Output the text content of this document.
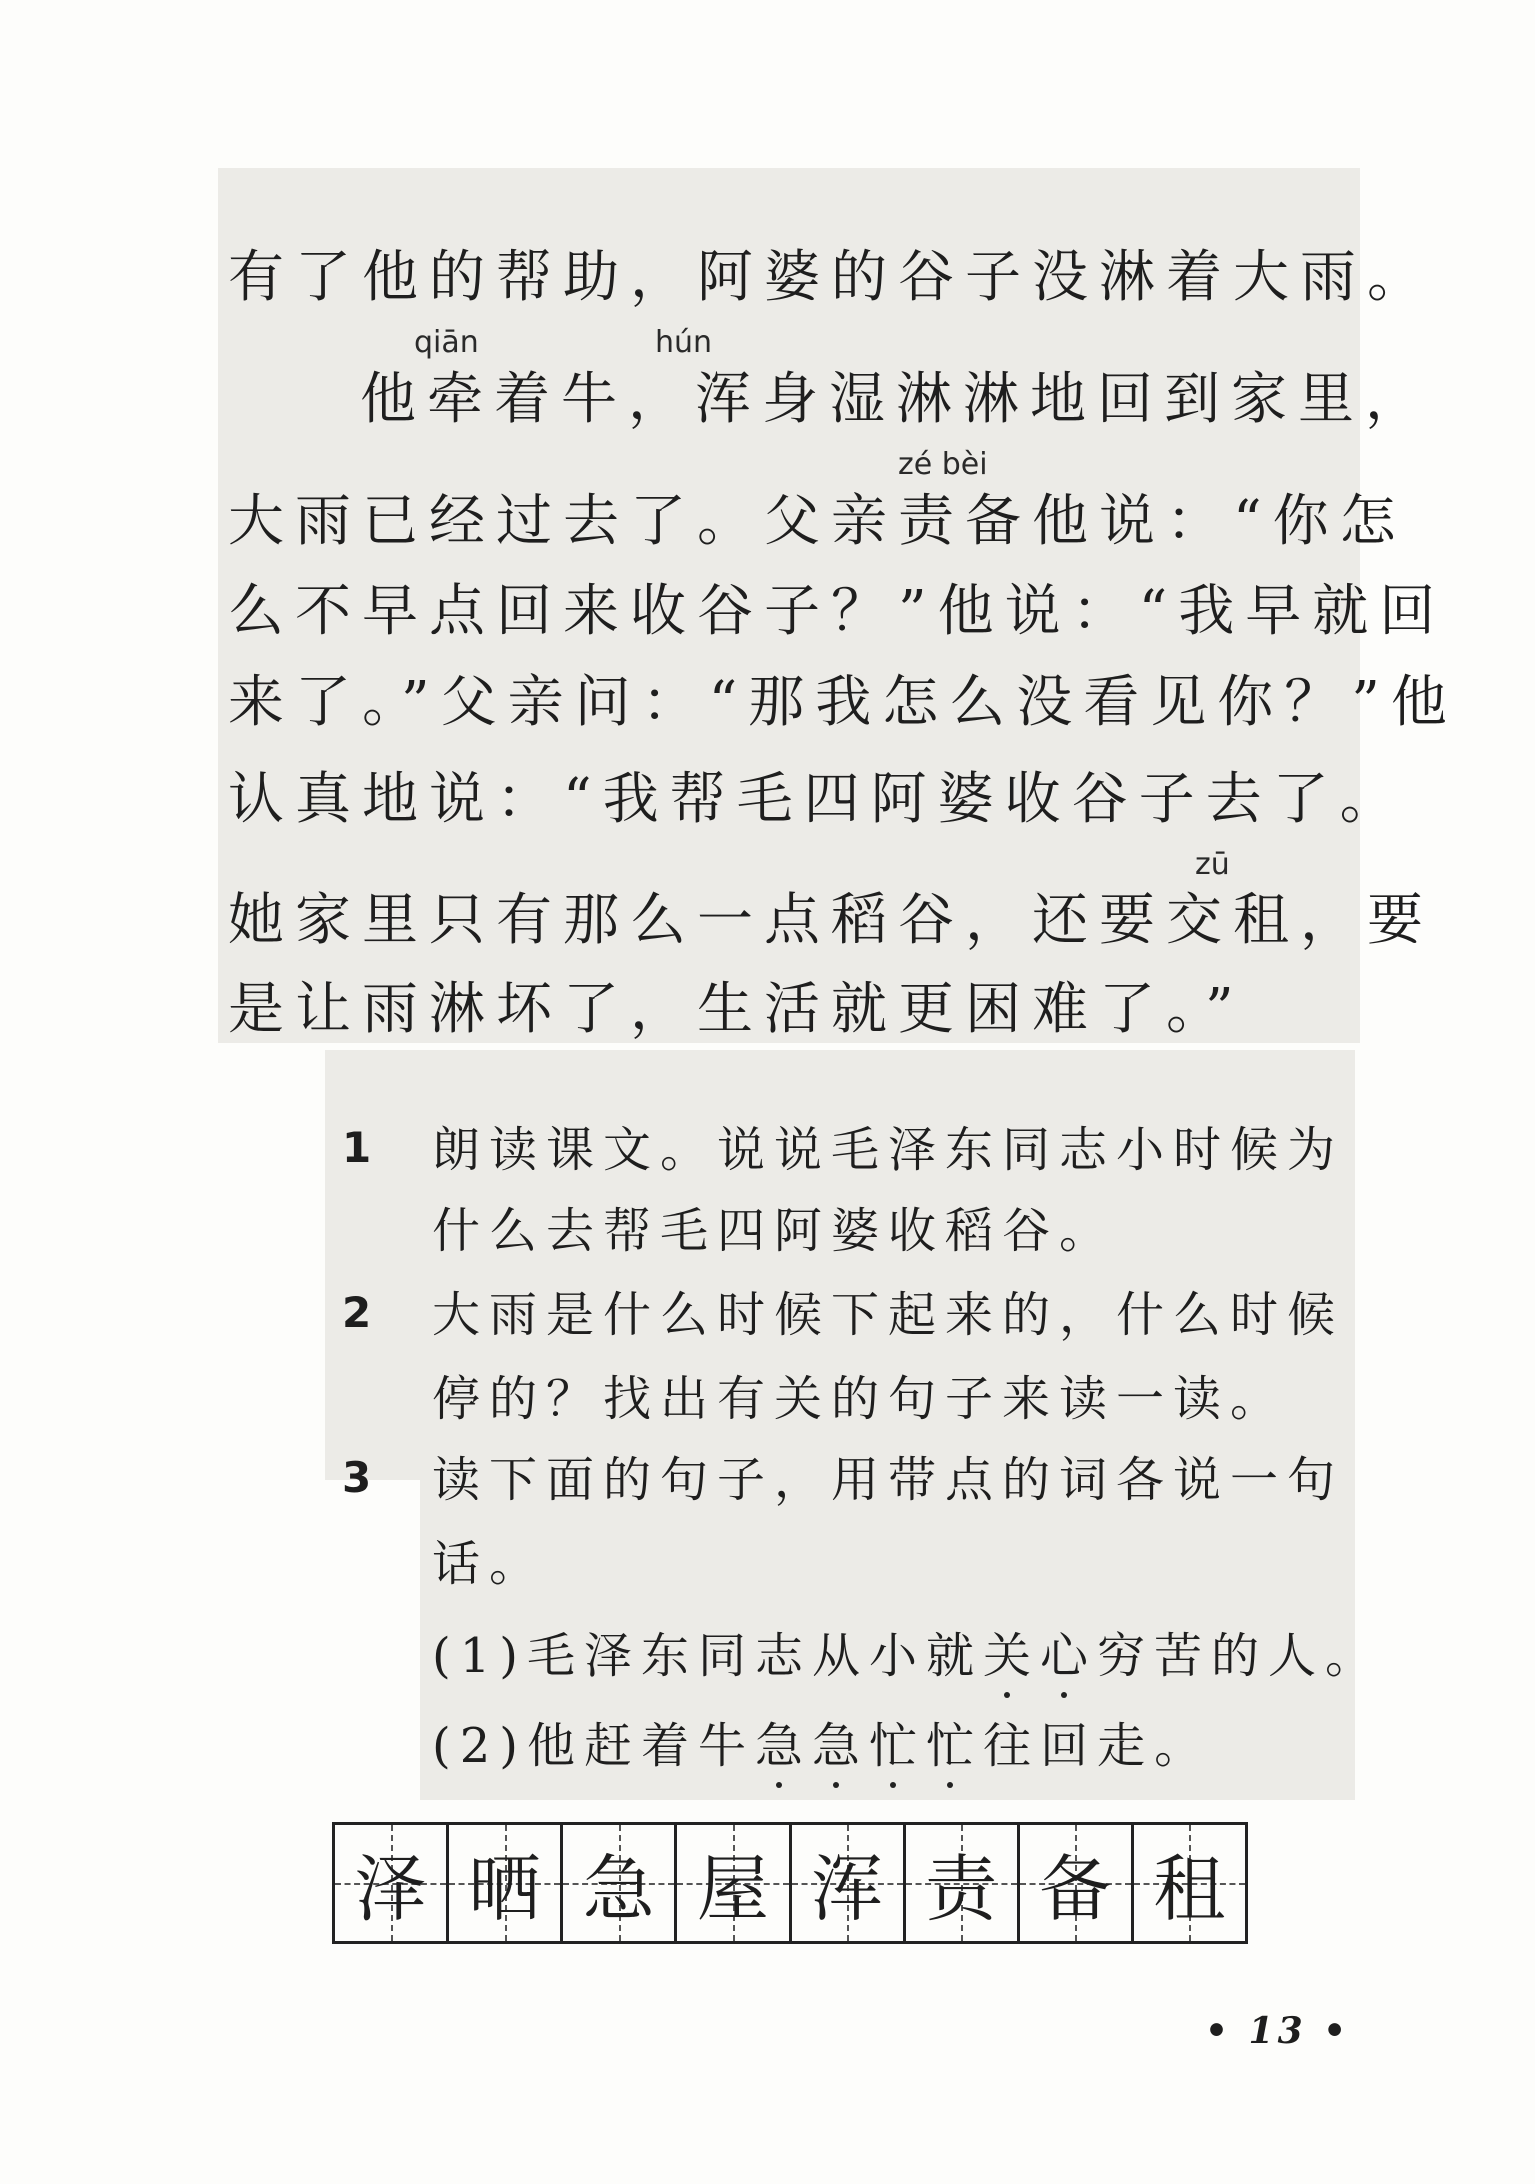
有了他的帮助，阿婆的谷子没淋着大雨。
qiān	hún
他牵着牛，浑身湿淋淋地回到家里，
zé bèi
大雨已经过去了。父亲责备他说：“你怎
么不早点回来收谷子？”他说：“我早就回
来了。”父亲问：“那我怎么没看见你？”他
认真地说：“我帮毛四阿婆收谷子去了。
zū
她家里只有那么一点稻谷，还要交租，要
是让雨淋坏了，生活就更困难了。”
1 朗读课文。说说毛泽东同志小时候为
什么去帮毛四阿婆收稻谷。
2 大雨是什么时候下起来的，什么时候
停的？找出有关的句子来读一读。
3 读下面的句子，用带点的词各说一句
话。
(1)毛泽东同志从小就关心穷苦的人。
(2)他赶着牛急急忙忙往回走。
泽 晒 急 屋 浑 责 备 租
• 13 •
